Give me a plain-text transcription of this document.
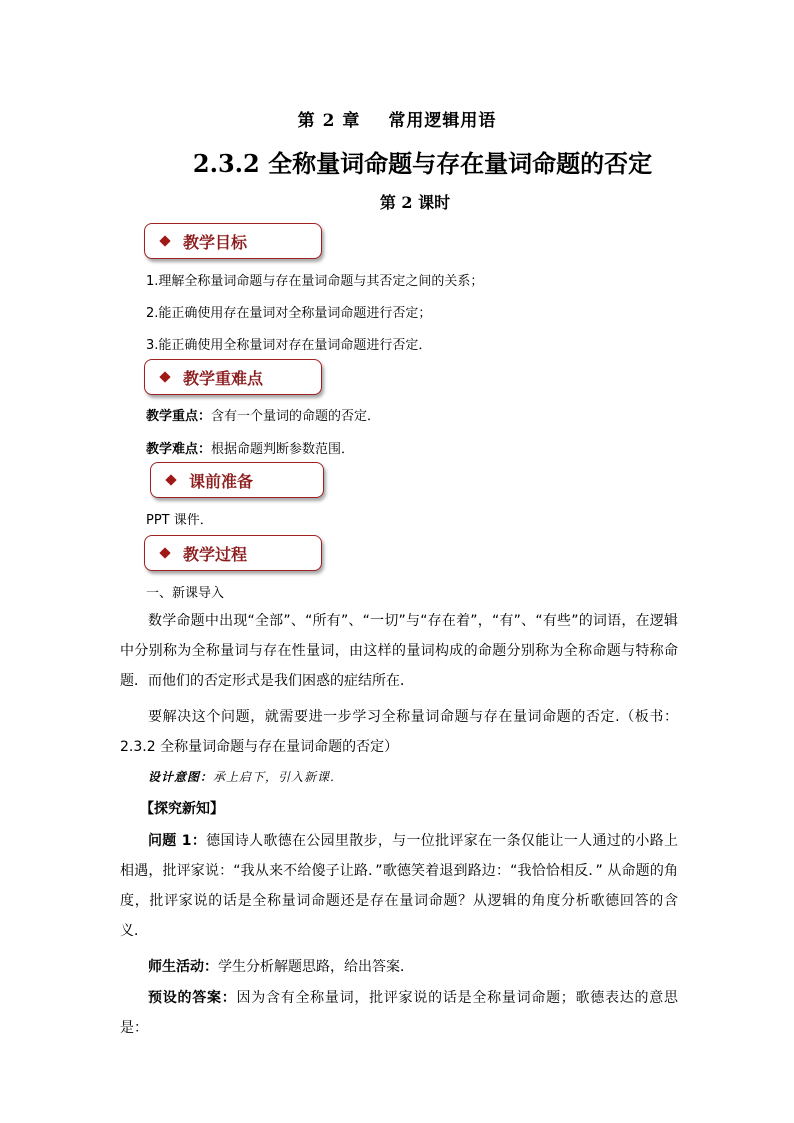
第 2 章 常用逻辑用语
2.3.2 全称量词命题与存在量词命题的否定
第 2 课时
教学目标
1.理解全称量词命题与存在量词命题与其否定之间的关系；
2.能正确使用存在量词对全称量词命题进行否定；
3.能正确使用全称量词对存在量词命题进行否定．
教学重难点
教学重点：含有一个量词的命题的否定．
教学难点：根据命题判断参数范围．
课前准备
PPT 课件．
教学过程
一、新课导入
数学命题中出现“全部”、“所有”、“一切”与“存在着”，“有”、“有些”的词语，在逻辑中分别称为全称量词与存在性量词，由这样的量词构成的命题分别称为全称命题与特称命题．而他们的否定形式是我们困惑的症结所在．
要解决这个问题，就需要进一步学习全称量词命题与存在量词命题的否定.（板书：2.3.2 全称量词命题与存在量词命题的否定）
设计意图：承上启下，引入新课．
【探究新知】
问题 1：德国诗人歌德在公园里散步，与一位批评家在一条仅能让一人通过的小路上相遇，批评家说：“我从来不给傻子让路．”歌德笑着退到路边：“我恰恰相反．” 从命题的角度，批评家说的话是全称量词命题还是存在量词命题？从逻辑的角度分析歌德回答的含义．
师生活动：学生分析解题思路，给出答案．
预设的答案：因为含有全称量词，批评家说的话是全称量词命题；歌德表达的意思是：
